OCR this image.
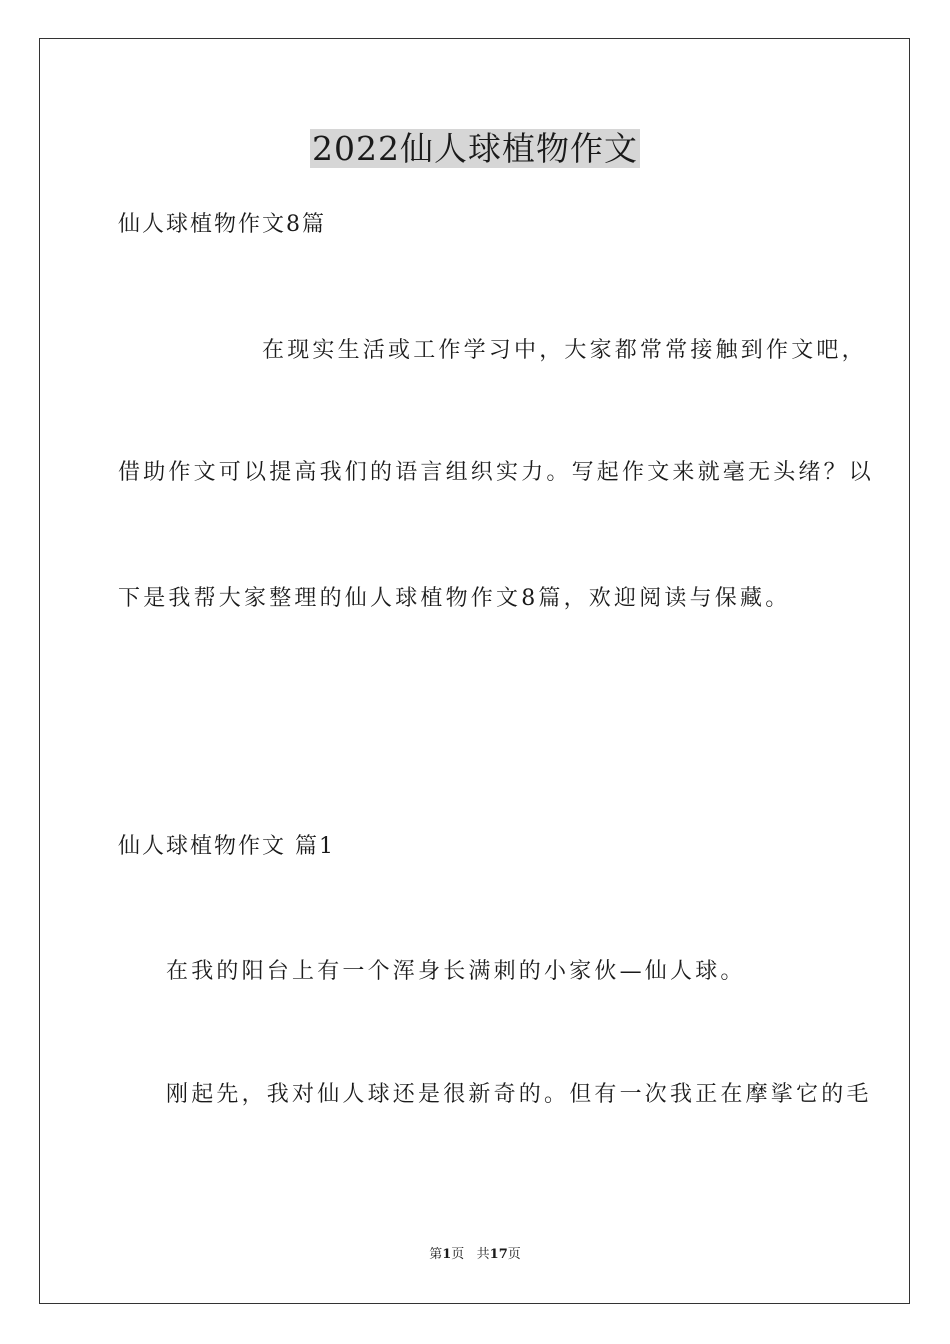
2022仙人球植物作文

仙人球植物作文8篇

在现实生活或工作学习中，大家都常常接触到作文吧，

借助作文可以提高我们的语言组织实力。写起作文来就毫无头绪？以

下是我帮大家整理的仙人球植物作文8篇，欢迎阅读与保藏。

仙人球植物作文 篇1

在我的阳台上有一个浑身长满刺的小家伙—仙人球。

刚起先，我对仙人球还是很新奇的。但有一次我正在摩挲它的毛

第1页   共17页
